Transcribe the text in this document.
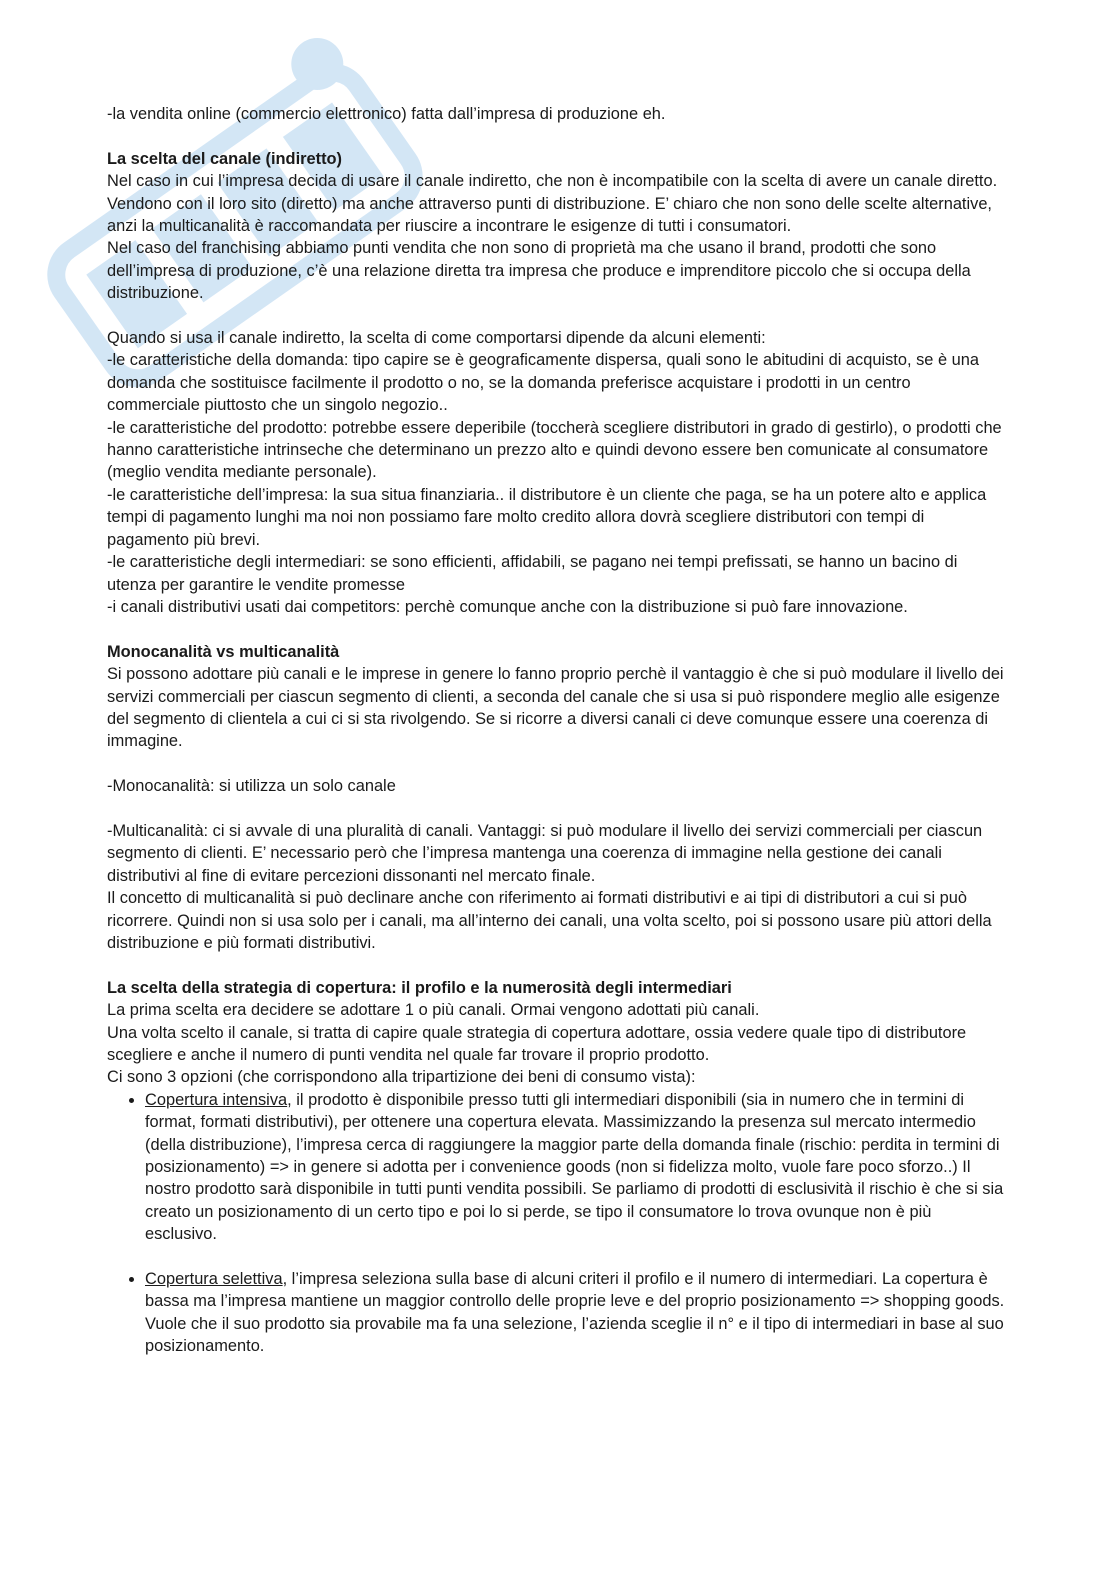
-la vendita online (commercio elettronico) fatta dall’impresa di produzione eh.

La scelta del canale (indiretto)

Nel caso in cui l’impresa decida di usare il canale indiretto, che non è incompatibile con la scelta di avere un canale diretto. Vendono con il loro sito (diretto) ma anche attraverso punti di distribuzione. E’ chiaro che non sono delle scelte alternative, anzi la multicanalità è raccomandata per riuscire a incontrare le esigenze di tutti i consumatori.

Nel caso del franchising abbiamo punti vendita che non sono di proprietà ma che usano il brand, prodotti che sono dell’impresa di produzione, c’è una relazione diretta tra impresa che produce e imprenditore piccolo che si occupa della distribuzione.

Quando si usa il canale indiretto, la scelta di come comportarsi dipende da alcuni elementi:

-le caratteristiche della domanda: tipo capire se è geograficamente dispersa, quali sono le abitudini di acquisto, se è una domanda che sostituisce facilmente il prodotto o no, se la domanda preferisce acquistare i prodotti in un centro commerciale piuttosto che un singolo negozio..

-le caratteristiche del prodotto: potrebbe essere deperibile (toccherà scegliere distributori in grado di gestirlo), o prodotti che hanno caratteristiche intrinseche che determinano un prezzo alto e quindi devono essere ben comunicate al consumatore (meglio vendita mediante personale).

-le caratteristiche dell’impresa: la sua situa finanziaria.. il distributore è un cliente che paga, se ha un potere alto e applica tempi di pagamento lunghi ma noi non possiamo fare molto credito allora dovrà scegliere distributori con tempi di pagamento più brevi.

-le caratteristiche degli intermediari: se sono efficienti, affidabili, se pagano nei tempi prefissati, se hanno un bacino di utenza per garantire le vendite promesse

-i canali distributivi usati dai competitors: perchè comunque anche con la distribuzione si può fare innovazione.

Monocanalità vs multicanalità

Si possono adottare più canali e le imprese in genere lo fanno proprio perchè il vantaggio è che si può modulare il livello dei servizi commerciali per ciascun segmento di clienti, a seconda del canale che si usa si può rispondere meglio alle esigenze del segmento di clientela a cui ci si sta rivolgendo. Se si ricorre a diversi canali ci deve comunque essere una coerenza di immagine.

-Monocanalità: si utilizza un solo canale

-Multicanalità: ci si avvale di una pluralità di canali. Vantaggi: si può modulare il livello dei servizi commerciali per ciascun segmento di clienti. E’ necessario però che l’impresa mantenga una coerenza di immagine nella gestione dei canali distributivi al fine di evitare percezioni dissonanti nel mercato finale.

Il concetto di multicanalità si può declinare anche con riferimento ai formati distributivi e ai tipi di distributori a cui si può ricorrere. Quindi non si usa solo per i canali, ma all’interno dei canali, una volta scelto, poi si possono usare più attori della distribuzione e più formati distributivi.

La scelta della strategia di copertura: il profilo e la numerosità degli intermediari

La prima scelta era decidere se adottare 1 o più canali. Ormai vengono adottati più canali.

Una volta scelto il canale, si tratta di capire quale strategia di copertura adottare, ossia vedere quale tipo di distributore scegliere e anche il numero di punti vendita nel quale far trovare il proprio prodotto.

Ci sono 3 opzioni (che corrispondono alla tripartizione dei beni di consumo vista):

Copertura intensiva, il prodotto è disponibile presso tutti gli intermediari disponibili (sia in numero che in termini di format, formati distributivi), per ottenere una copertura elevata. Massimizzando la presenza sul mercato intermedio (della distribuzione), l’impresa cerca di raggiungere la maggior parte della domanda finale (rischio: perdita in termini di posizionamento) => in genere si adotta per i convenience goods (non si fidelizza molto, vuole fare poco sforzo..) Il nostro prodotto sarà disponibile in tutti punti vendita possibili. Se parliamo di prodotti di esclusività il rischio è che si sia creato un posizionamento di un certo tipo e poi lo si perde, se tipo il consumatore lo trova ovunque non è più esclusivo.
Copertura selettiva, l’impresa seleziona sulla base di alcuni criteri il profilo e il numero di intermediari. La copertura è bassa ma l’impresa mantiene un maggior controllo delle proprie leve e del proprio posizionamento => shopping goods. Vuole che il suo prodotto sia provabile ma fa una selezione, l’azienda sceglie il n° e il tipo di intermediari in base al suo posizionamento.
